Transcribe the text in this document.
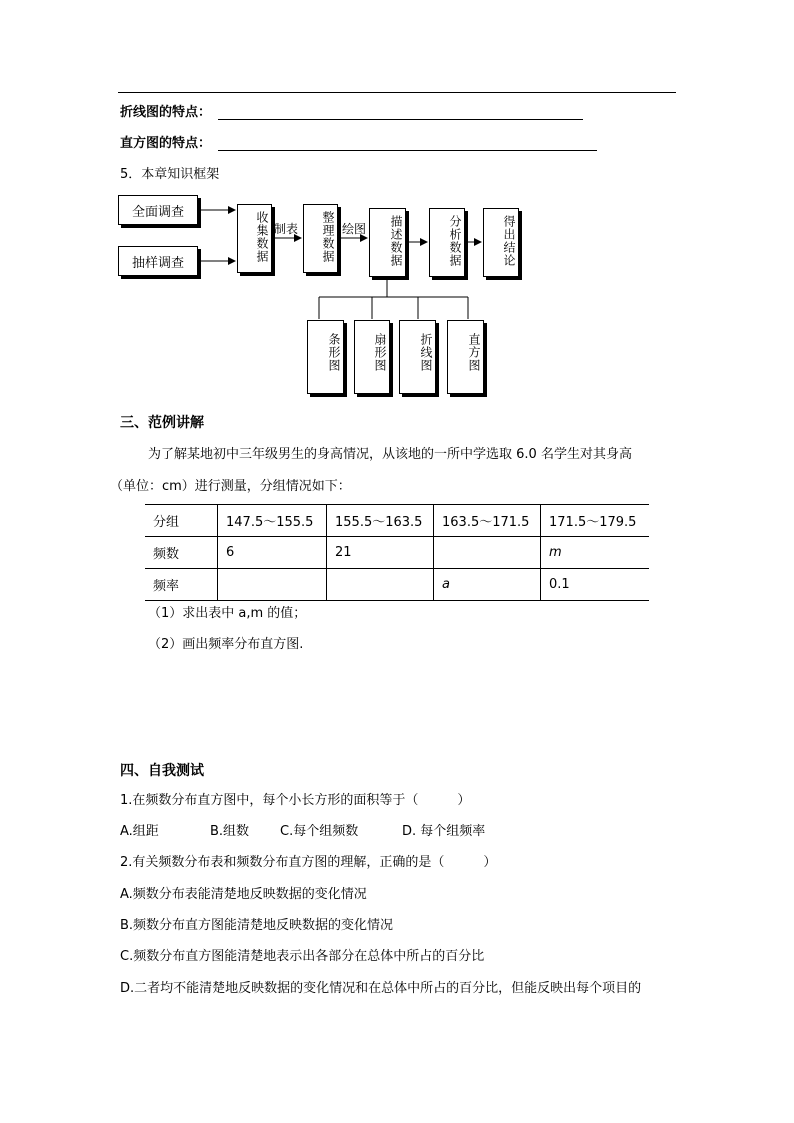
折线图的特点：
直方图的特点：
5．本章知识框架
全面调查
抽样调查	收集数据 制表	整理数据 绘图	描述数据	分析数据	得出结论
条形图	扇形图	折线图	直方图
三、范例讲解
为了解某地初中三年级男生的身高情况，从该地的一所中学选取 6.0 名学生对其身高
（单位：cm）进行测量，分组情况如下：
分组	147.5～155.5	155.5～163.5	163.5～171.5	171.5～179.5
频数	6	21		m
频率			a	0.1
（1）求出表中 a,m 的值；
（2）画出频率分布直方图.
四、自我测试
1.在频数分布直方图中，每个小长方形的面积等于（　　　）
A.组距	B.组数 C.每个组频数	D. 每个组频率
2.有关频数分布表和频数分布直方图的理解，正确的是（　　　）
A.频数分布表能清楚地反映数据的变化情况
B.频数分布直方图能清楚地反映数据的变化情况
C.频数分布直方图能清楚地表示出各部分在总体中所占的百分比
D.二者均不能清楚地反映数据的变化情况和在总体中所占的百分比，但能反映出每个项目的
